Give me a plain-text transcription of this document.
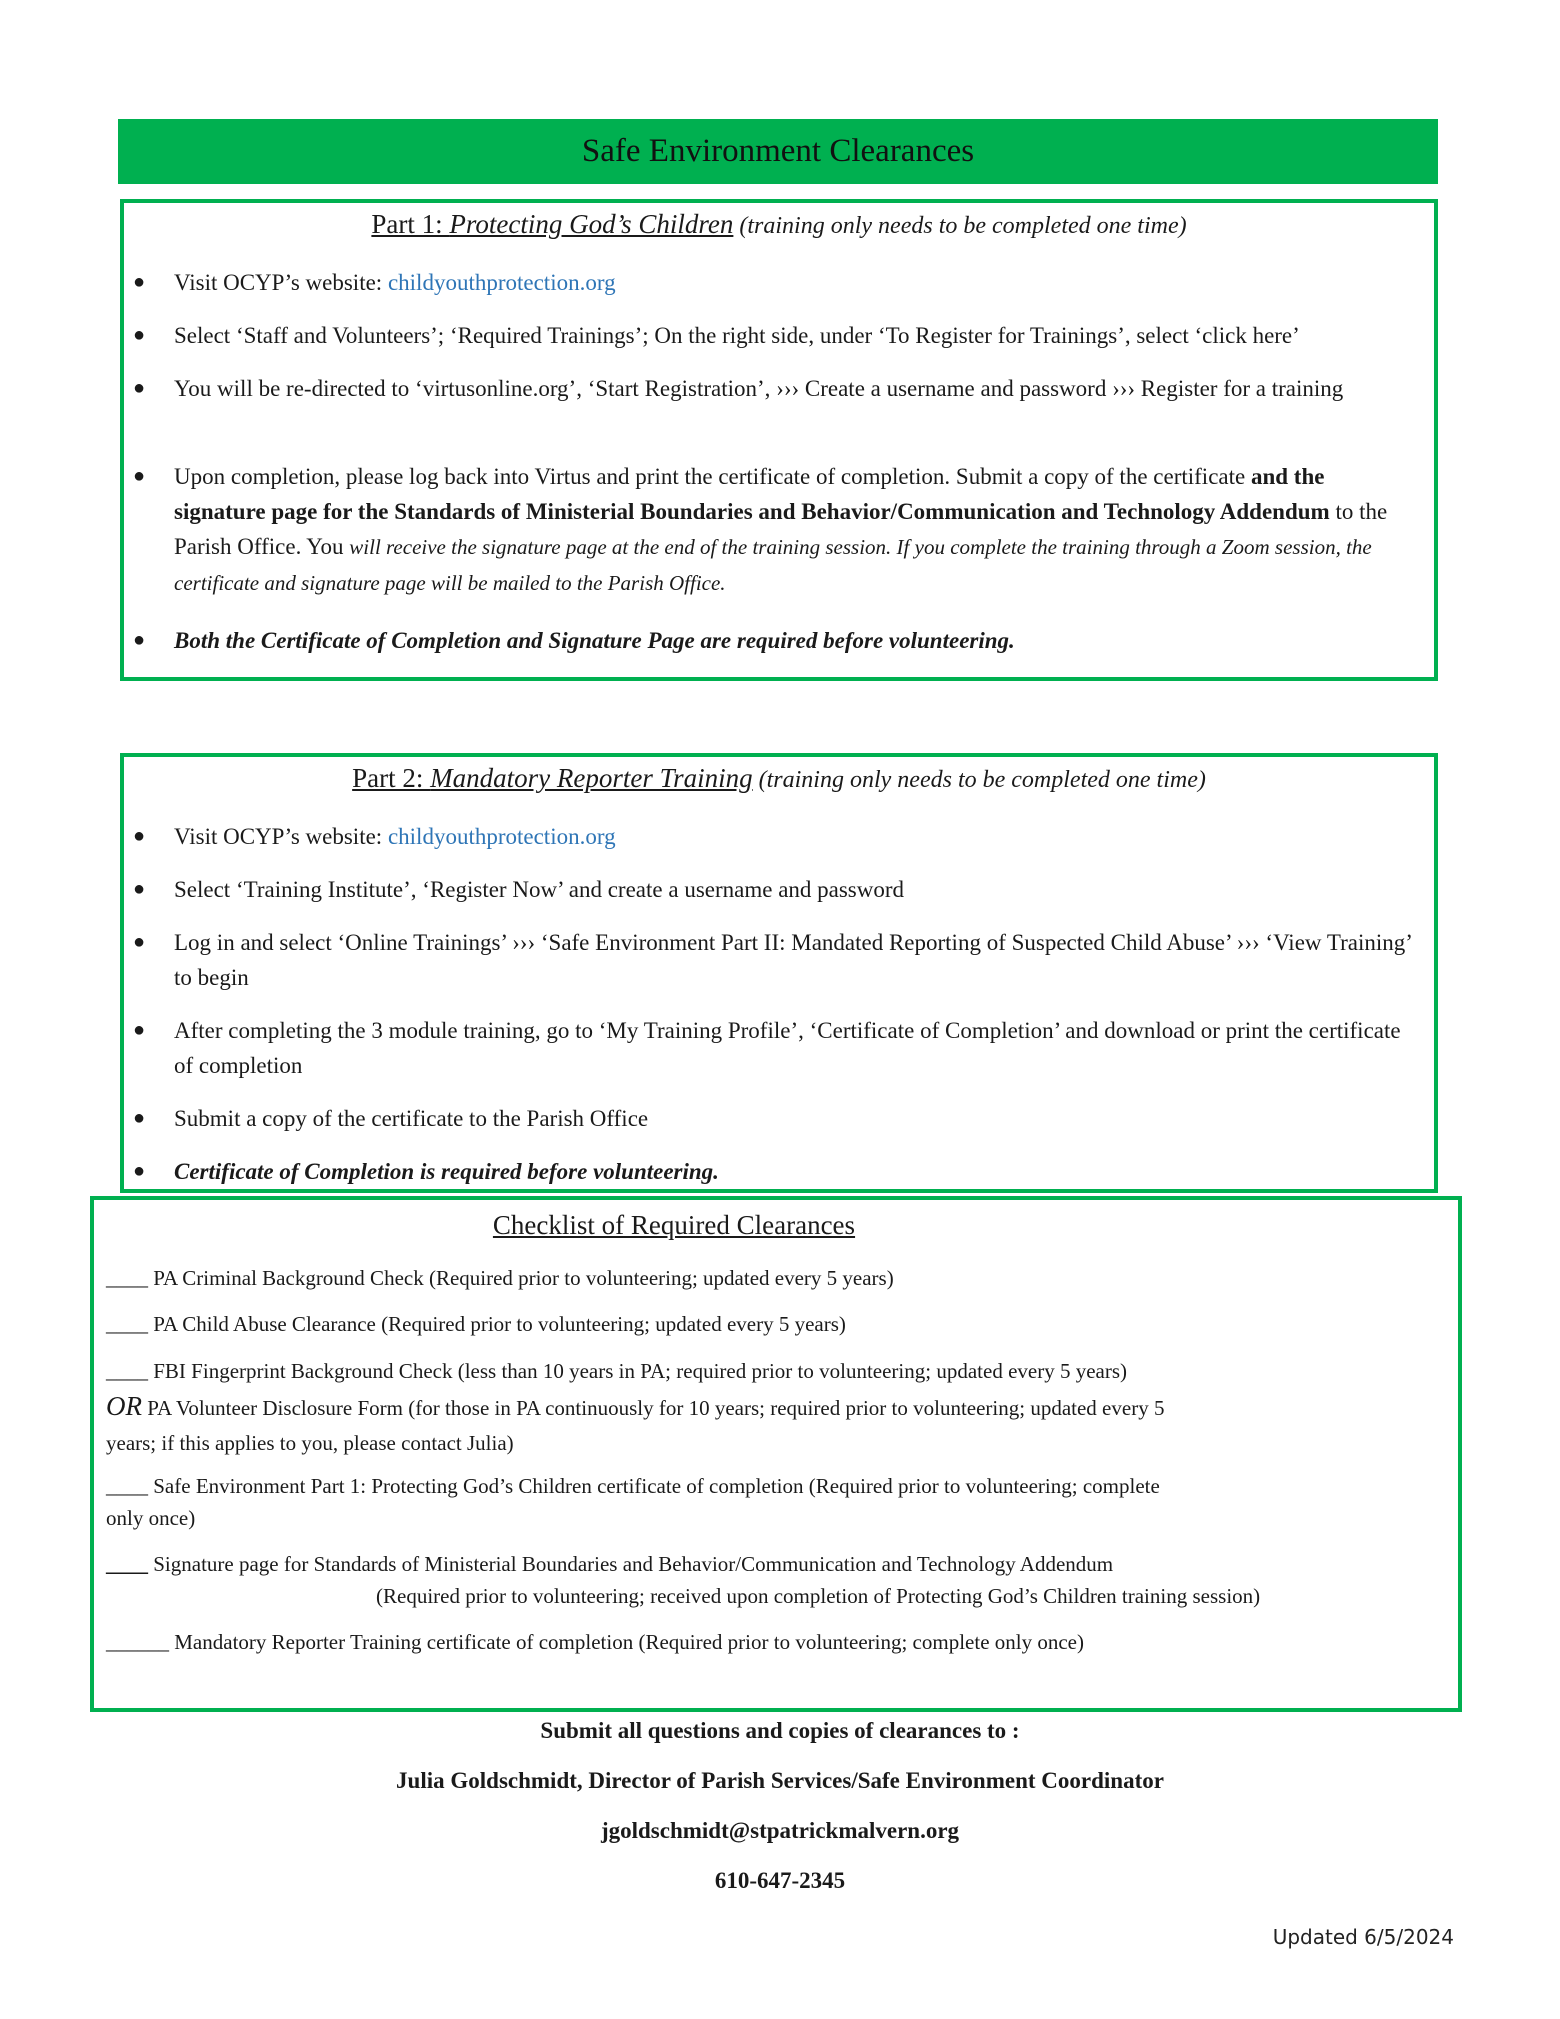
Safe Environment Clearances
Part 1: Protecting God’s Children (training only needs to be completed one time)
● Visit OCYP’s website: childyouthprotection.org
● Select ‘Staff and Volunteers’; ‘Required Trainings’; On the right side, under ‘To Register for Trainings’, select ‘click here’
● You will be re-directed to ‘virtusonline.org’, ‘Start Registration’, ››› Create a username and password ››› Register for a training
● Upon completion, please log back into Virtus and print the certificate of completion. Submit a copy of the certificate and the signature page for the Standards of Ministerial Boundaries and Behavior/Communication and Technology Addendum to the Parish Office. You will receive the signature page at the end of the training session. If you complete the training through a Zoom session, the certificate and signature page will be mailed to the Parish Office.
● Both the Certificate of Completion and Signature Page are required before volunteering.
Part 2: Mandatory Reporter Training (training only needs to be completed one time)
● Visit OCYP’s website: childyouthprotection.org
● Select ‘Training Institute’, ‘Register Now’ and create a username and password
● Log in and select ‘Online Trainings’ ››› ‘Safe Environment Part II: Mandated Reporting of Suspected Child Abuse’ ››› ‘View Training’ to begin
● After completing the 3 module training, go to ‘My Training Profile’, ‘Certificate of Completion’ and download or print the certificate of completion
● Submit a copy of the certificate to the Parish Office
● Certificate of Completion is required before volunteering.
Checklist of Required Clearances
____ PA Criminal Background Check (Required prior to volunteering; updated every 5 years)
____ PA Child Abuse Clearance (Required prior to volunteering; updated every 5 years)
____ FBI Fingerprint Background Check (less than 10 years in PA; required prior to volunteering; updated every 5 years) OR PA Volunteer Disclosure Form (for those in PA continuously for 10 years; required prior to volunteering; updated every 5 years; if this applies to you, please contact Julia)
____ Safe Environment Part 1: Protecting God’s Children certificate of completion (Required prior to volunteering; complete only once)
____ Signature page for Standards of Ministerial Boundaries and Behavior/Communication and Technology Addendum
(Required prior to volunteering; received upon completion of Protecting God’s Children training session)
______ Mandatory Reporter Training certificate of completion (Required prior to volunteering; complete only once)
Submit all questions and copies of clearances to :
Julia Goldschmidt, Director of Parish Services/Safe Environment Coordinator
jgoldschmidt@stpatrickmalvern.org
610-647-2345
Updated 6/5/2024
